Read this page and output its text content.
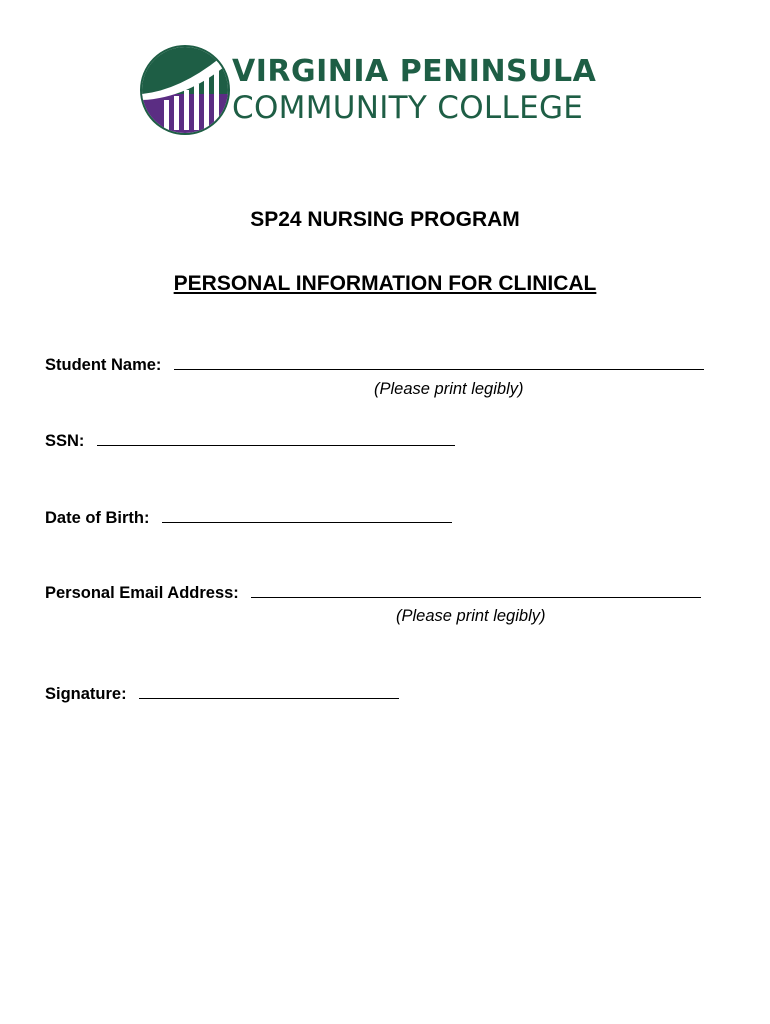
VIRGINIA PENINSULA
COMMUNITY COLLEGE
SP24 NURSING PROGRAM
PERSONAL INFORMATION FOR CLINICAL
Student Name:
(Please print legibly)
SSN:
Date of Birth:
Personal Email Address:
(Please print legibly)
Signature:
